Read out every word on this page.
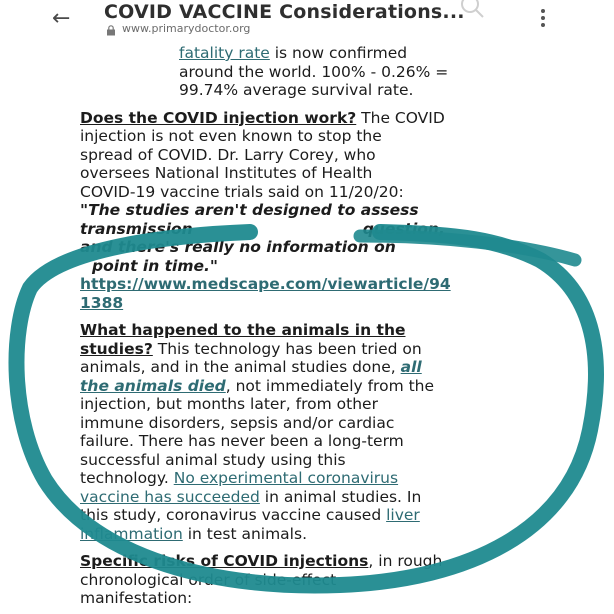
← COVID VACCINE Considerations...
www.primarydoctor.org

fatality rate is now confirmed
around the world. 100% - 0.26% =
99.74% average survival rate.
Does the COVID injection work? The COVID
injection is not even known to stop the
spread of COVID. Dr. Larry Corey, who
oversees National Institutes of Health
COVID-19 vaccine trials said on 11/20/20:
"The studies aren't designed to assess
transmission	question,
and there's really no information on
point in time."
https://www.medscape.com/viewarticle/94
1388
What happened to the animals in the
studies? This technology has been tried on
animals, and in the animal studies done, all
the animals died, not immediately from the
injection, but months later, from other
immune disorders, sepsis and/or cardiac
failure. There has never been a long-term
successful animal study using this
technology. No experimental coronavirus
vaccine has succeeded in animal studies. In
this study, coronavirus vaccine caused liver
inflammation in test animals.
Specific risks of COVID injections, in rough
chronological order of side-effect
manifestation:
